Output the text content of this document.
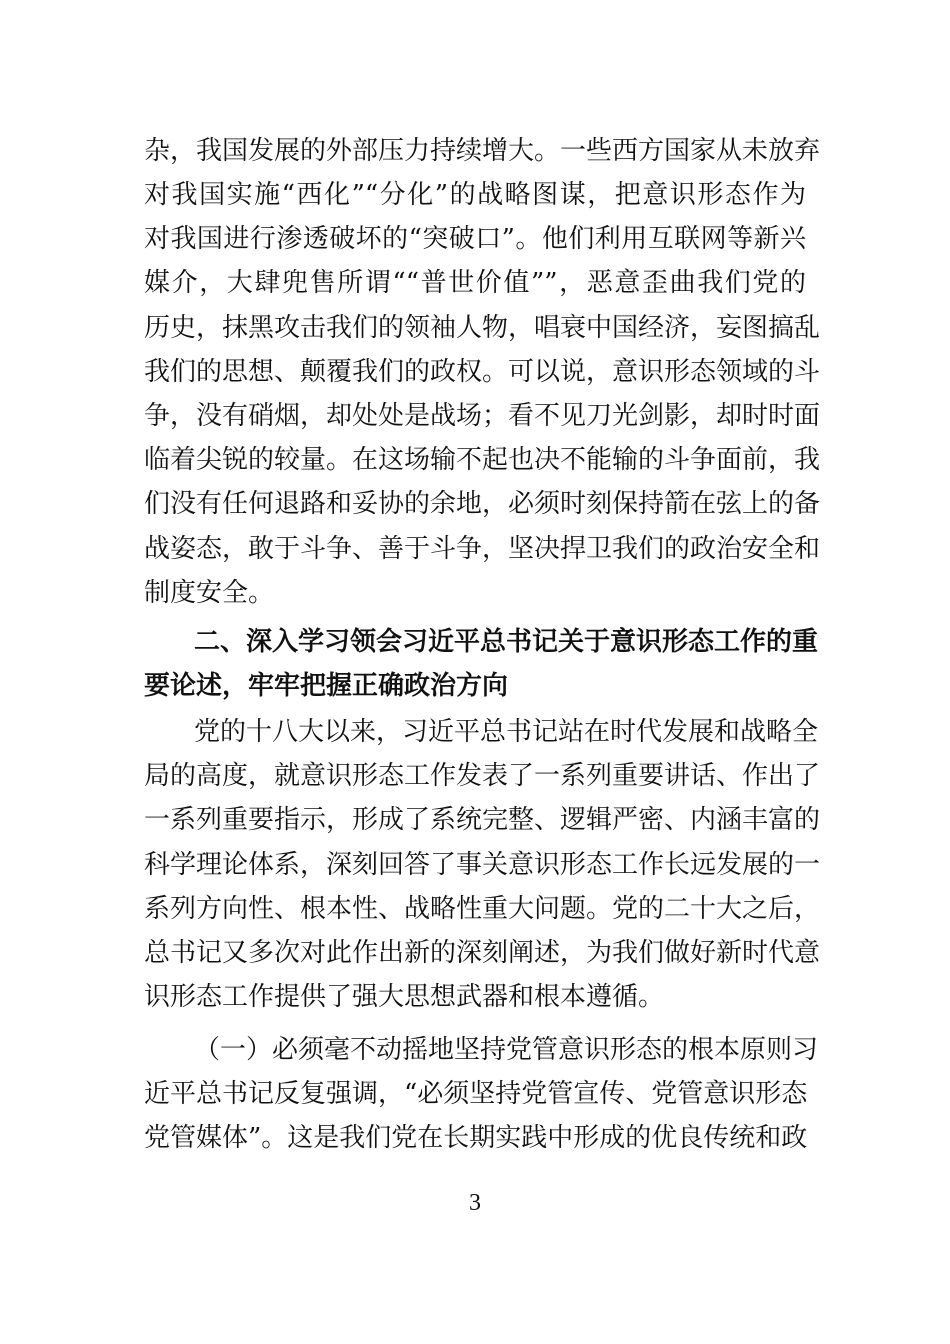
杂，我国发展的外部压力持续增大。一些西方国家从未放弃
对我国实施“西化”“分化”的战略图谋，把意识形态作为
对我国进行渗透破坏的“突破口”。他们利用互联网等新兴
媒介，大肆兜售所谓““普世价值””，恶意歪曲我们党的
历史，抹黑攻击我们的领袖人物，唱衰中国经济，妄图搞乱
我们的思想、颠覆我们的政权。可以说，意识形态领域的斗
争，没有硝烟，却处处是战场；看不见刀光剑影，却时时面
临着尖锐的较量。在这场输不起也决不能输的斗争面前，我
们没有任何退路和妥协的余地，必须时刻保持箭在弦上的备
战姿态，敢于斗争、善于斗争，坚决捍卫我们的政治安全和
制度安全。
二、深入学习领会习近平总书记关于意识形态工作的重
要论述，牢牢把握正确政治方向
党的十八大以来，习近平总书记站在时代发展和战略全
局的高度，就意识形态工作发表了一系列重要讲话、作出了
一系列重要指示，形成了系统完整、逻辑严密、内涵丰富的
科学理论体系，深刻回答了事关意识形态工作长远发展的一
系列方向性、根本性、战略性重大问题。党的二十大之后，
总书记又多次对此作出新的深刻阐述，为我们做好新时代意
识形态工作提供了强大思想武器和根本遵循。
（一）必须毫不动摇地坚持党管意识形态的根本原则习
近平总书记反复强调，“必须坚持党管宣传、党管意识形态
党管媒体”。这是我们党在长期实践中形成的优良传统和政
3
